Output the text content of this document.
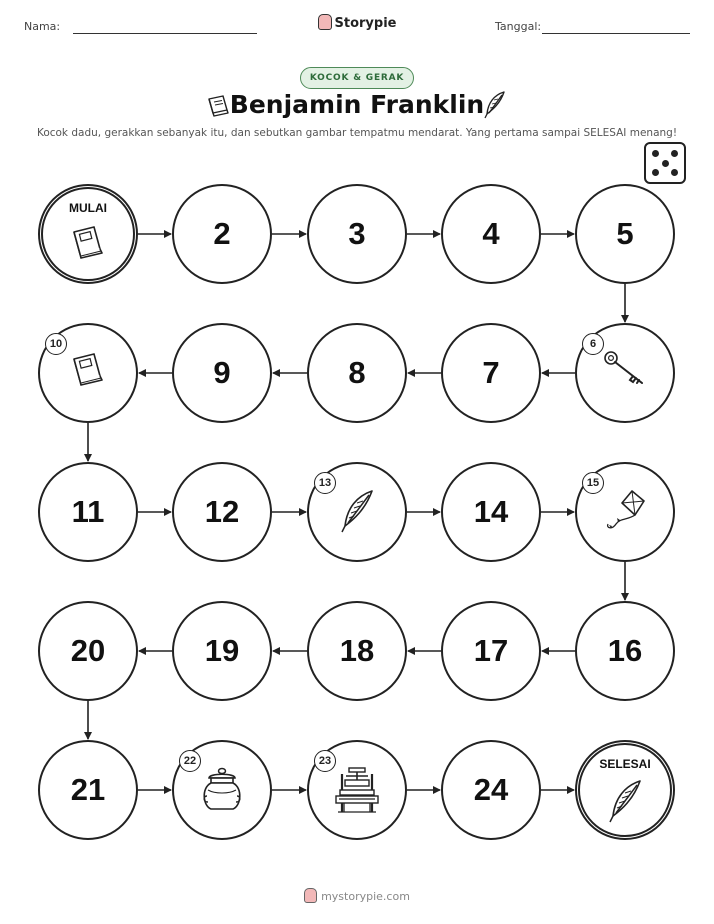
Nama:	Storypie	Tanggal:
KOCOK & GERAK
Benjamin Franklin
Kocok dadu, gerakkan sebanyak itu, dan sebutkan gambar tempatmu mendarat. Yang pertama sampai SELESAI menang!
MULAI
2	3	4	5
6
7
8
9
10
11	12
13
14
15
16
17
18
19
20
21
22	23
24
SELESAI
mystorypie.com
